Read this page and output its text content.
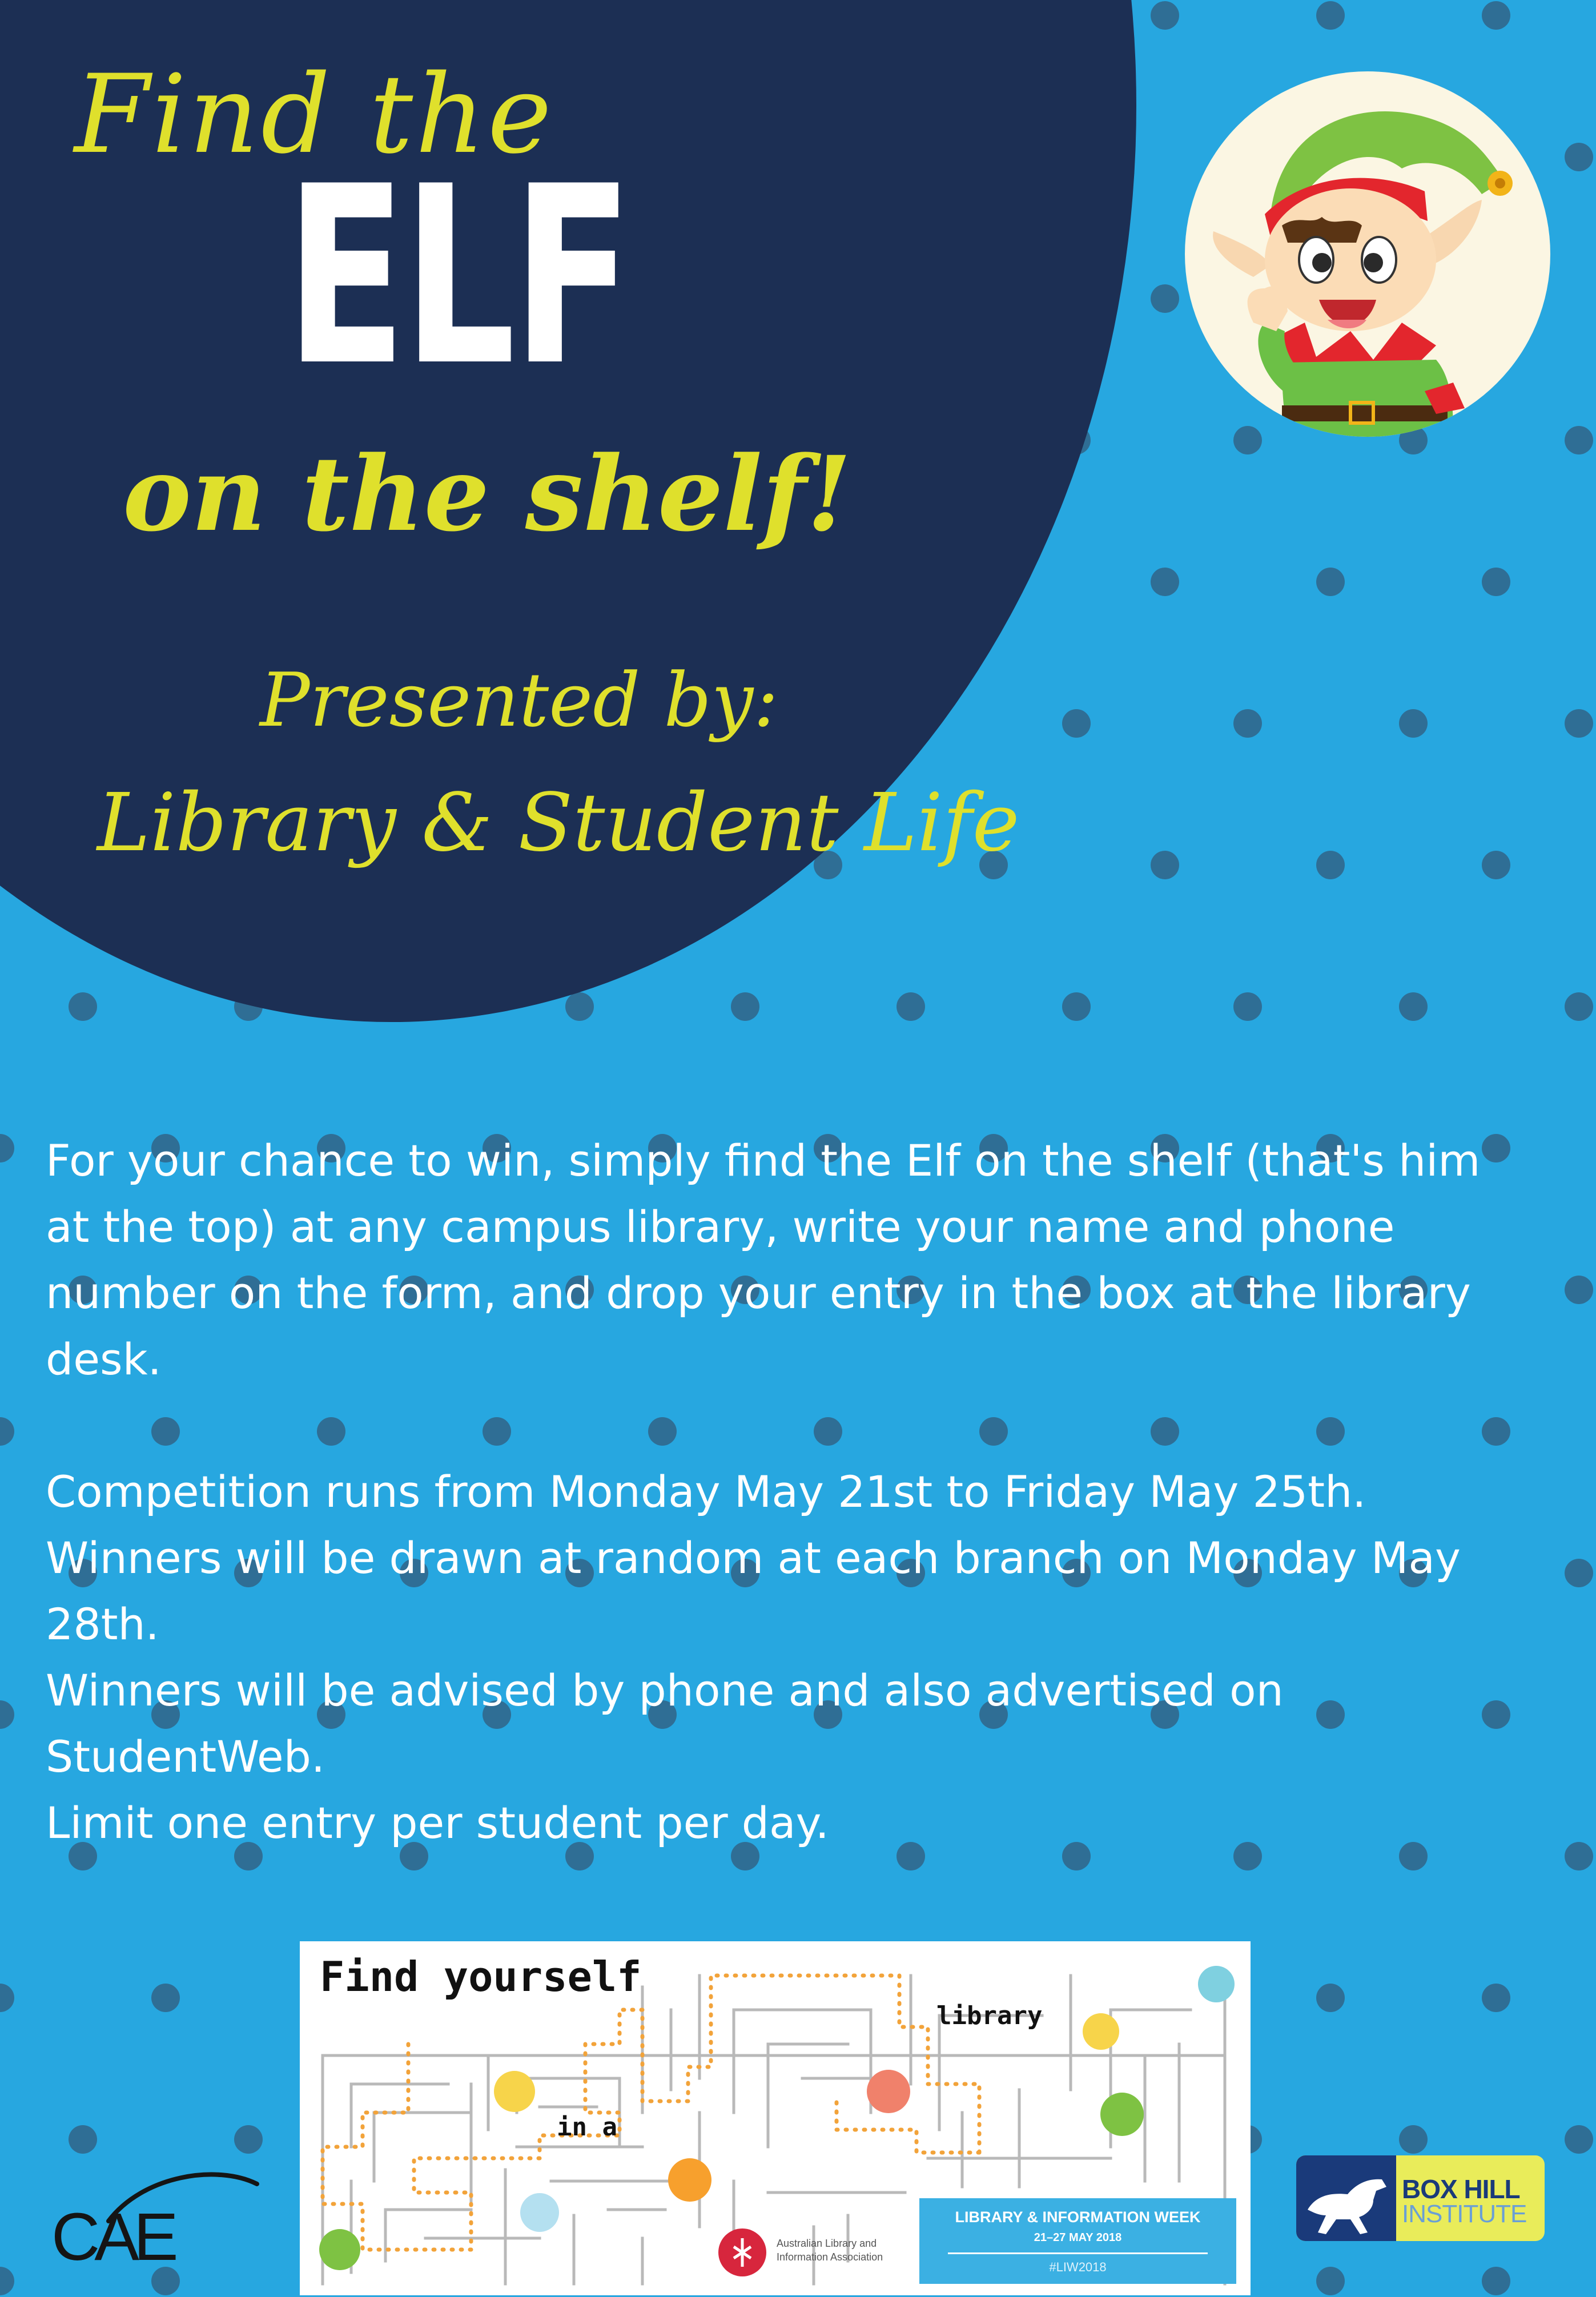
Find the
ELF
on the shelf!
Presented by:
Library & Student Life

For your chance to win, simply find the Elf on the shelf (that's him at the top) at any campus library, write your name and phone number on the form, and drop your entry in the box at the library desk.

Competition runs from Monday May 21st to Friday May 25th.

Winners will be drawn at random at each branch on Monday May 28th.

Winners will be advised by phone and also advertised on StudentWeb.

Limit one entry per student per day.

Find yourself
in a
library
LIBRARY & INFORMATION WEEK
21–27 MAY 2018
#LIW2018
Australian Library and Information Association
CAE
BOX HILL
INSTITUTE
